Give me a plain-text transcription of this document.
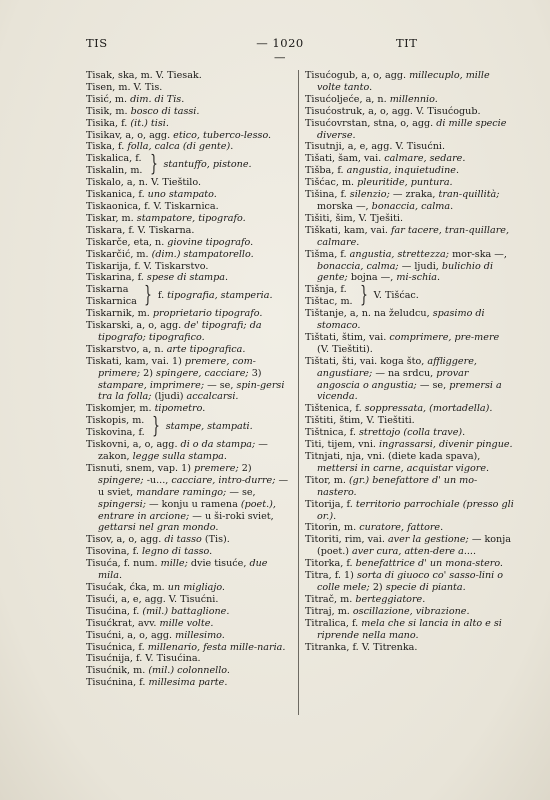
TIS	— 1020 —
TIT
Tisak, ska, m. V. Tiesak.
Tisen, m. V. Tis.
Tisić, m. dim. di Tis.
Tisik, m. bosco di tassi.
Tisika, f. (it.) tisi.
Tisikav, a, o, agg. etico, tuberco-lesso.
Tiska, f. folla, calca (di gente).
Tiskalica, f.
Tiskalin, m. } stantuffo, pistone.
Tiskalo, a, n. V. Tieštilo.
Tiskanica, f. uno stampato.
Tiskaonica, f. V. Tiskarnica.
Tiskar, m. stampatore, tipografo.
Tiskara, f. V. Tiskarna.
Tiskarče, eta, n. giovine tipografo.
Tiskarčić, m. (dim.) stampatorello.
Tiskarija, f. V. Tiskarstvo.
Tiskarina, f. spese di stampa.
Tiskarna
Tiskarnica } f. tipografia, stamperia.
Tiskarnik, m. proprietario tipografo.
Tiskarski, a, o, agg. de' tipografi; da tipografo; tipografico.
Tiskarstvo, a, n. arte tipografica.
Tiskati, kam, vai. 1) premere, com-primere; 2) spingere, cacciare; 3) stampare, imprimere; — se, spin-gersi tra la folla; (ljudi) accalcarsi.
Tiskomjer, m. tipometro.
Tiskopis, m.
Tiskovina, f. } stampe, stampati.
Tiskovni, a, o, agg. di o da stampa; — zakon, legge sulla stampa.
Tisnuti, snem, vap. 1) premere; 2) spingere; -u..., cacciare, intro-durre; — u sviet, mandare ramingo; — se, spingersi; — konju u ramena (poet.), entrare in arcione; — u ši-roki sviet, gettarsi nel gran mondo.
Tisov, a, o, agg. di tasso (Tis).
Tisovina, f. legno di tasso.
Tisuća, f. num. mille; dvie tisuće, due mila.
Tisućak, ćka, m. un migliajo.
Tisući, a, e, agg. V. Tisućni.
Tisućina, f. (mil.) battaglione.
Tisućkrat, avv. mille volte.
Tisućni, a, o, agg. millesimo.
Tisućnica, f. millenario, festa mille-naria.
Tisućnija, f. V. Tisućina.
Tisućnik, m. (mil.) colonnello.
Tisućnina, f. millesima parte.
Tisućogub, a, o, agg. millecuplo, mille volte tanto.
Tisućoljeće, a, n. millennio.
Tisućostruk, a, o, agg. V. Tisućogub.
Tisućovrstan, stna, o, agg. di mille specie diverse.
Tisutnji, a, e, agg. V. Tisućni.
Tišati, šam, vai. calmare, sedare.
Tišba, f. angustia, inquietudine.
Tišćac, m. pleuritide, puntura.
Tišina, f. silenzio; — zraka, tran-quillità; morska —, bonaccia, calma.
Tišiti, šim, V. Tješiti.
Tiškati, kam, vai. far tacere, tran-quillare, calmare.
Tišma, f. angustia, strettezza; mor-ska —, bonaccia, calma; — ljudi, bulichio di gente; bojna —, mi-schia.
Tišnja, f.
Tištac, m. } V. Tišćac.
Tištanje, a, n. na želudcu, spasimo di stomaco.
Tištati, štim, vai. comprimere, pre-mere (V. Tieštiti).
Tištati, šti, vai. koga što, affliggere, angustiare; — na srdcu, provar angoscia o angustia; — se, premersi a vicenda.
Tištenica, f. soppressata, (mortadella).
Tištiti, štim, V. Tieštiti.
Tištnica, f. strettojo (colla trave).
Titi, tijem, vni. ingrassarsi, divenir pingue.
Titnjati, nja, vni. (diete kada spava), mettersi in carne, acquistar vigore.
Titor, m. (gr.) benefattore d' un mo-nastero.
Titorija, f. territorio parrochiale (presso gli or.).
Titorin, m. curatore, fattore.
Titoriti, rim, vai. aver la gestione; — konja (poet.) aver cura, atten-dere a....
Titorka, f. benefattrice d' un mona-stero.
Titra, f. 1) sorta di giuoco co' sasso-lini o colle mele; 2) specie di pianta.
Titrač, m. berteggiatore.
Titraj, m. oscillazione, vibrazione.
Titralica, f. mela che si lancia in alto e si riprende nella mano.
Titranka, f. V. Titrenka.
